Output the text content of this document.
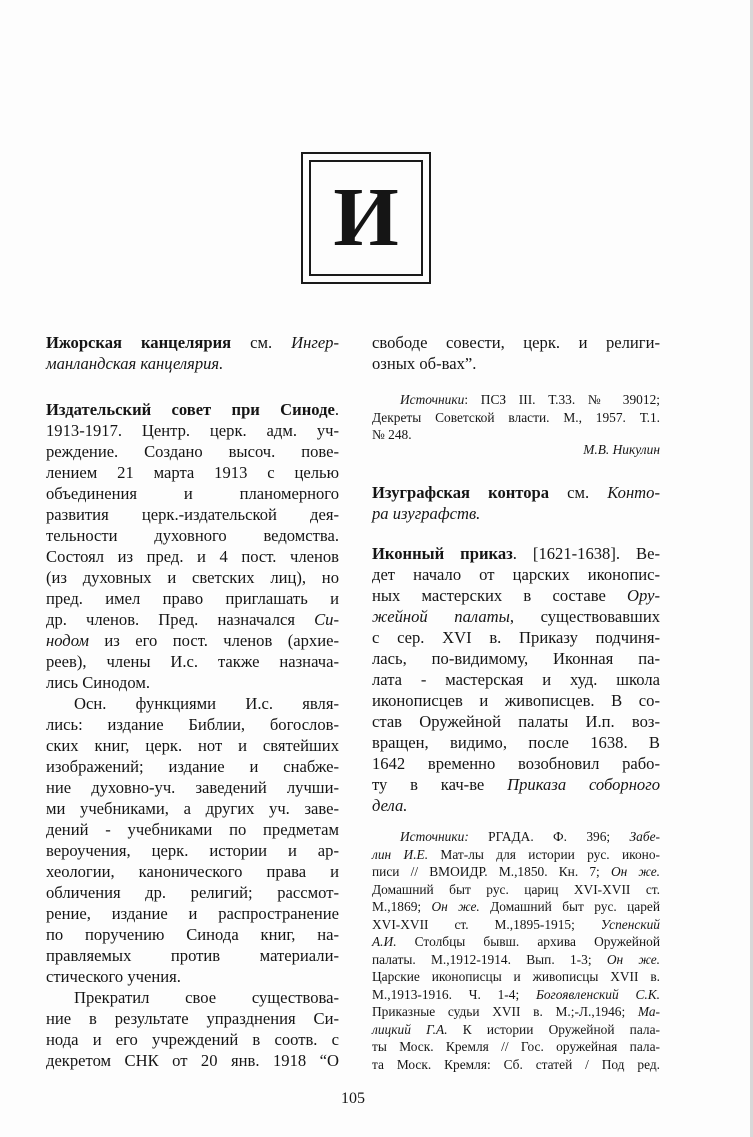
И
Ижорская канцелярия см. Ингер-
манландская канцелярия.
Издательский совет при Синоде.
1913-1917. Центр. церк. адм. уч-
реждение. Создано высоч. пове-
лением 21 марта 1913 с целью
объединения и планомерного
развития церк.-издательской дея-
тельности духовного ведомства.
Состоял из пред. и 4 пост. членов
(из духовных и светских лиц), но
пред. имел право приглашать и
др. членов. Пред. назначался Си-
нодом из его пост. членов (архие-
реев), члены И.с. также назнача-
лись Синодом.
Осн. функциями И.с. явля-
лись: издание Библии, богослов-
ских книг, церк. нот и святейших
изображений; издание и снабже-
ние духовно-уч. заведений лучши-
ми учебниками, а других уч. заве-
дений - учебниками по предметам
вероучения, церк. истории и ар-
хеологии, канонического права и
обличения др. религий; рассмот-
рение, издание и распространение
по поручению Синода книг, на-
правляемых против материали-
стического учения.
Прекратил свое существова-
ние в результате упразднения Си-
нода и его учреждений в соотв. с
декретом СНК от 20 янв. 1918 “О
свободе совести, церк. и религи-
озных об-вах”.
Источники: ПСЗ III. Т.33. № 39012;
Декреты Советской власти. М., 1957. Т.1.
№ 248.
М.В. Никулин
Изуграфская контора см. Конто-
ра изуграфств.
Иконный приказ. [1621-1638]. Ве-
дет начало от царских иконопис-
ных мастерских в составе Ору-
жейной палаты, существовавших
с сер. XVI в. Приказу подчиня-
лась, по-видимому, Иконная па-
лата - мастерская и худ. школа
иконописцев и живописцев. В со-
став Оружейной палаты И.п. воз-
вращен, видимо, после 1638. В
1642 временно возобновил рабо-
ту в кач-ве Приказа соборного
дела.
Источники: РГАДА. Ф. 396; Забе-
лин И.Е. Мат-лы для истории рус. иконо-
писи // ВМОИДР. М.,1850. Кн. 7; Он же.
Домашний быт рус. цариц XVI-XVII ст.
М.,1869; Он же. Домашний быт рус. царей
XVI-XVII ст. М.,1895-1915; Успенский
А.И. Столбцы бывш. архива Оружейной
палаты. М.,1912-1914. Вып. 1-3; Он же.
Царские иконописцы и живописцы XVII в.
М.,1913-1916. Ч. 1-4; Богоявленский С.К.
Приказные судьи XVII в. М.;-Л.,1946; Ма-
лицкий Г.А. К истории Оружейной пала-
ты Моск. Кремля // Гос. оружейная пала-
та Моск. Кремля: Сб. статей / Под ред.
105
